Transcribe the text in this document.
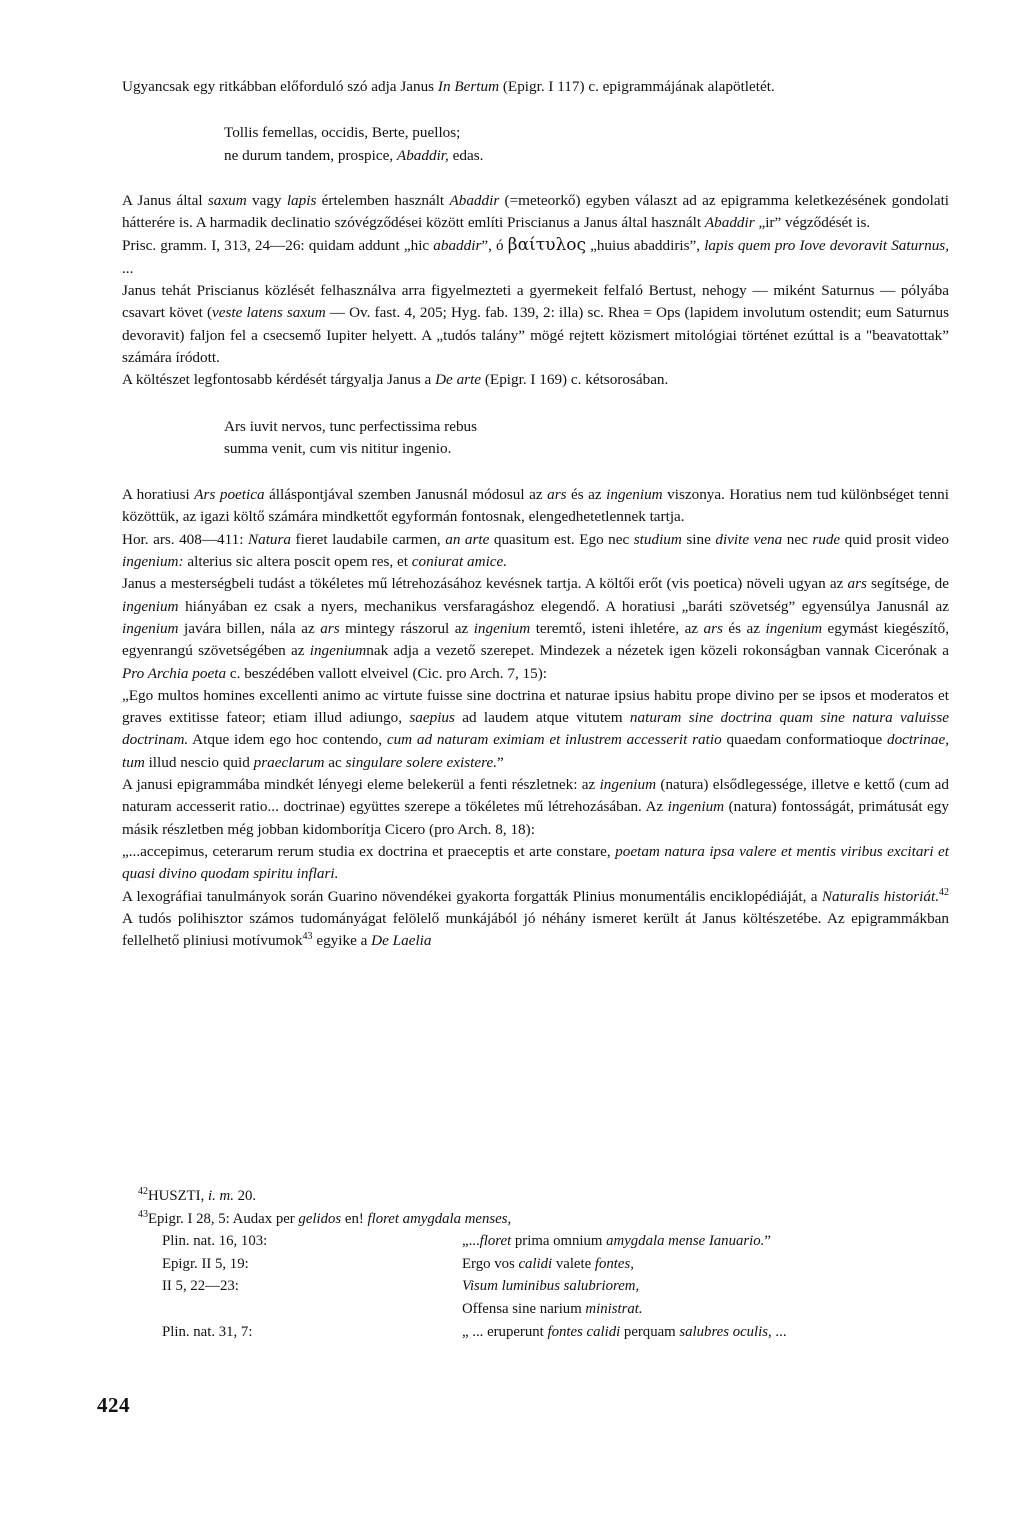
Ugyancsak egy ritkábban előforduló szó adja Janus In Bertum (Epigr. I 117) c. epigrammájának alapötletét.

Tollis femellas, occidis, Berte, puellos;
ne durum tandem, prospice, Abaddir, edas.

A Janus által saxum vagy lapis értelemben használt Abaddir (=meteorkő) egyben választ ad az epigramma keletkezésének gondolati hátterére is. A harmadik declinatio szóvégződései között említi Priscianus a Janus által használt Abaddir „ir” végződését is.

Prisc. gramm. I, 313, 24—26: quidam addunt „hic abaddir”, ó βαίτυλος „huius abaddiris”, lapis quem pro Iove devoravit Saturnus, ...

Janus tehát Priscianus közlését felhasználva arra figyelmezteti a gyermekeit felfaló Bertust, nehogy — miként Saturnus — pólyába csavart követ (veste latens saxum — Ov. fast. 4, 205; Hyg. fab. 139, 2: illa) sc. Rhea = Ops (lapidem involutum ostendit; eum Saturnus devoravit) faljon fel a csecsemő Iupiter helyett. A „tudós talány” mögé rejtett közismert mitológiai történet ezúttal is a "beavatottak” számára íródott.

A költészet legfontosabb kérdését tárgyalja Janus a De arte (Epigr. I 169) c. kétsorosában.

Ars iuvit nervos, tunc perfectissima rebus
summa venit, cum vis nititur ingenio.

A horatiusi Ars poetica álláspontjával szemben Janusnál módosul az ars és az ingenium viszonya. Horatius nem tud különbséget tenni közöttük, az igazi költő számára mindkettőt egyformán fontosnak, elengedhetetlennek tartja.

Hor. ars. 408—411: Natura fieret laudabile carmen, an arte quasitum est. Ego nec studium sine divite vena nec rude quid prosit video ingenium: alterius sic altera poscit opem res, et coniurat amice.

Janus a mesterségbeli tudást a tökéletes mű létrehozásához kevésnek tartja. A költői erőt (vis poetica) növeli ugyan az ars segítsége, de ingenium hiányában ez csak a nyers, mechanikus versfaragáshoz elegendő. A horatiusi „baráti szövetség” egyensúlya Janusnál az ingenium javára billen, nála az ars mintegy rászorul az ingenium teremtő, isteni ihletére, az ars és az ingenium egymást kiegészítő, egyenrangú szövetségében az ingeniumnak adja a vezető szerepet. Mindezek a nézetek igen közeli rokonságban vannak Cicerónak a Pro Archia poeta c. beszédében vallott elveivel (Cic. pro Arch. 7, 15):

„Ego multos homines excellenti animo ac virtute fuisse sine doctrina et naturae ipsius habitu prope divino per se ipsos et moderatos et graves extitisse fateor; etiam illud adiungo, saepius ad laudem atque vitutem naturam sine doctrina quam sine natura valuisse doctrinam. Atque idem ego hoc contendo, cum ad naturam eximiam et inlustrem accesserit ratio quaedam conformatioque doctrinae, tum illud nescio quid praeclarum ac singulare solere existere.”

A janusi epigrammába mindkét lényegi eleme belekerül a fenti részletnek: az ingenium (natura) elsődlegessége, illetve e kettő (cum ad naturam accesserit ratio... doctrinae) együttes szerepe a tökéletes mű létrehozásában. Az ingenium (natura) fontosságát, primátusát egy másik részletben még jobban kidomborítja Cicero (pro Arch. 8, 18):

„...accepimus, ceterarum rerum studia ex doctrina et praeceptis et arte constare, poetam natura ipsa valere et mentis viribus excitari et quasi divino quodam spiritu inflari.

A lexográfiai tanulmányok során Guarino növendékei gyakorta forgatták Plinius monumentális enciklopédiáját, a Naturalis historiát.$^{42}$ A tudós polihisztor számos tudományágat felölelő munkájából jó néhány ismeret került át Janus költészetébe. Az epigrammákban fellelhető pliniusi motívumok$^{43}$ egyike a De Laelia

$^{42}$HUSZTI, i. m. 20.
$^{43}$Epigr. I 28, 5: Audax per gelidos en! floret amygdala menses,
Plin. nat. 16, 103:	„...floret prima omnium amygdala mense Ianuario.”
Epigr. II 5, 19:	Ergo vos calidi valete fontes,
II 5, 22—23:	Visum luminibus salubriorem,
Offensa sine narium ministrat.
Plin. nat. 31, 7:	„ ... eruperunt fontes calidi perquam salubres oculis, ...
424
